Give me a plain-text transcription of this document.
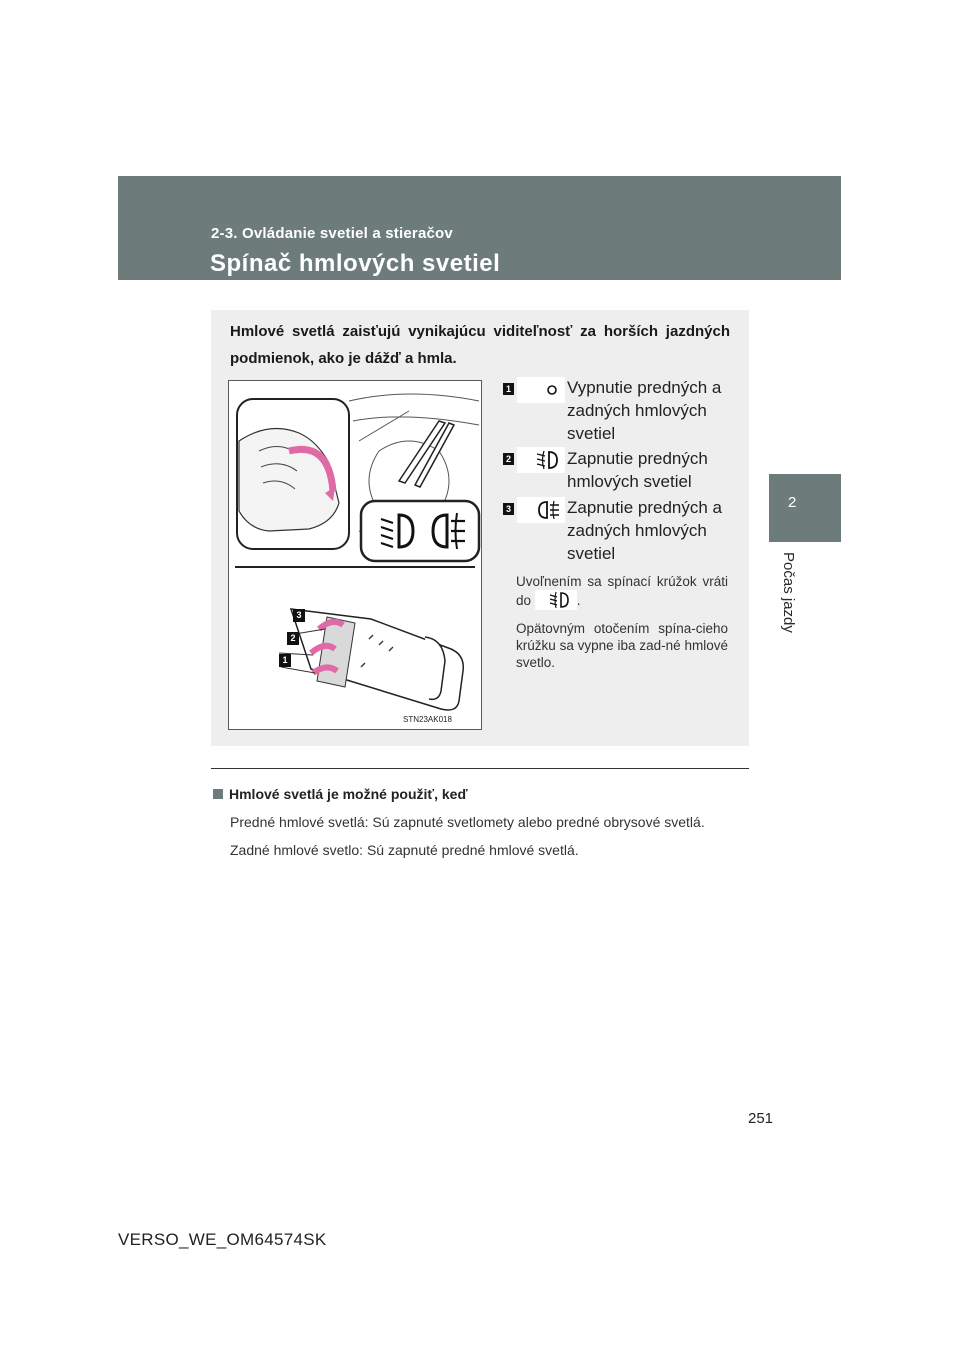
2-3. Ovládanie svetiel a stieračov
Spínač hmlových svetiel
2
Počas jazdy
Hmlové svetlá zaisťujú vynikajúcu viditeľnosť za horších jazdných podmienok, ako je dážď a hmla.
3
2
1
STN23AK018
1	Vypnutie predných a zadných hmlových svetiel
2	Zapnutie predných hmlových svetiel
3	Zapnutie predných a zadných hmlových svetiel
Uvoľnením sa spínací krúžok vráti do	.
Opätovným otočením spína-cieho krúžku sa vypne iba zad-né hmlové svetlo.
Hmlové svetlá je možné použiť, keď
Predné hmlové svetlá: Sú zapnuté svetlomety alebo predné obrysové svetlá.
Zadné hmlové svetlo: Sú zapnuté predné hmlové svetlá.
251
VERSO_WE_OM64574SK
